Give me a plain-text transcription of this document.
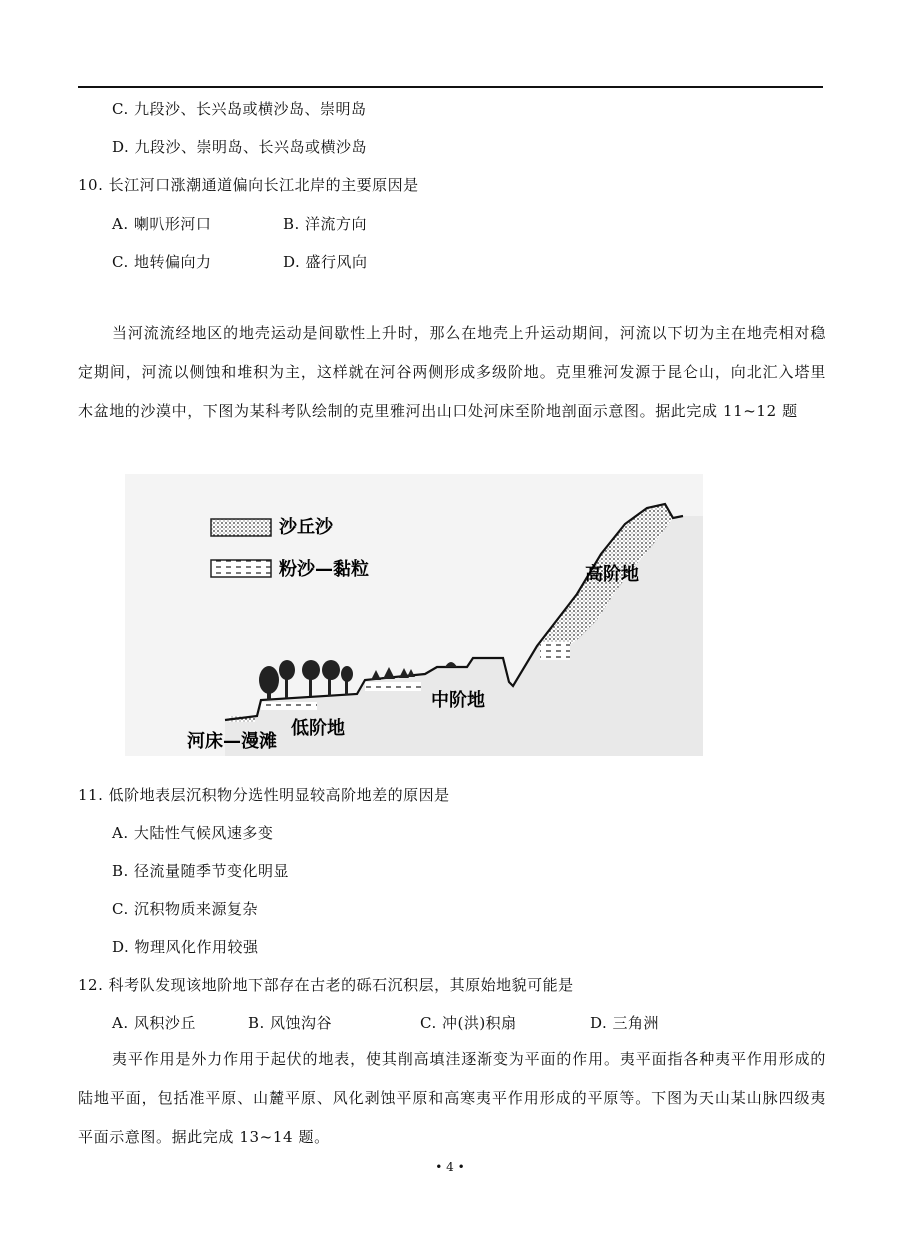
C. 九段沙、长兴岛或横沙岛、崇明岛
D. 九段沙、崇明岛、长兴岛或横沙岛
10. 长江河口涨潮通道偏向长江北岸的主要原因是
A. 喇叭形河口	B. 洋流方向
C. 地转偏向力	D. 盛行风向
当河流流经地区的地壳运动是间歇性上升时，那么在地壳上升运动期间，河流以下切为主在地壳相对稳定期间，河流以侧蚀和堆积为主，这样就在河谷两侧形成多级阶地。克里雅河发源于昆仑山，向北汇入塔里木盆地的沙漠中，下图为某科考队绘制的克里雅河出山口处河床至阶地剖面示意图。据此完成 11~12 题
沙丘沙
粉沙—黏粒	高阶地
中阶地
低阶地
河床—漫滩
11. 低阶地表层沉积物分选性明显较高阶地差的原因是
A. 大陆性气候风速多变
B. 径流量随季节变化明显
C. 沉积物质来源复杂
D. 物理风化作用较强
12. 科考队发现该地阶地下部存在古老的砾石沉积层，其原始地貌可能是
A. 风积沙丘	B. 风蚀沟谷	C. 冲(洪)积扇	D. 三角洲
夷平作用是外力作用于起伏的地表，使其削高填洼逐渐变为平面的作用。夷平面指各种夷平作用形成的陆地平面，包括准平原、山麓平原、风化剥蚀平原和高寒夷平作用形成的平原等。下图为天山某山脉四级夷平面示意图。据此完成 13~14 题。
• 4 •
